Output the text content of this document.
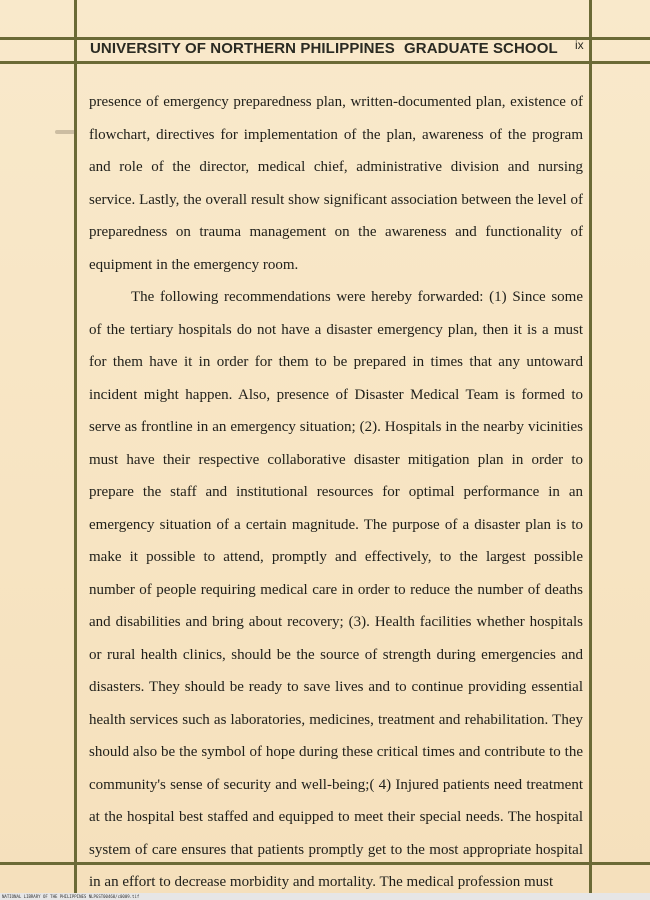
UNIVERSITY OF NORTHERN PHILIPPINES GRADUATE SCHOOL ix

presence of emergency preparedness plan, written-documented plan, existence of flowchart, directives for implementation of the plan, awareness of the program and role of the director, medical chief, administrative division and nursing service. Lastly, the overall result show significant association between the level of preparedness on trauma management on the awareness and functionality of equipment in the emergency room.

The following recommendations were hereby forwarded: (1) Since some of the tertiary hospitals do not have a disaster emergency plan, then it is a must for them have it in order for them to be prepared in times that any untoward incident might happen. Also, presence of Disaster Medical Team is formed to serve as frontline in an emergency situation; (2). Hospitals in the nearby vicinities must have their respective collaborative disaster mitigation plan in order to prepare the staff and institutional resources for optimal performance in an emergency situation of a certain magnitude. The purpose of a disaster plan is to make it possible to attend, promptly and effectively, to the largest possible number of people requiring medical care in order to reduce the number of deaths and disabilities and bring about recovery; (3). Health facilities whether hospitals or rural health clinics, should be the source of strength during emergencies and disasters. They should be ready to save lives and to continue providing essential health services such as laboratories, medicines, treatment and rehabilitation. They should also be the symbol of hope during these critical times and contribute to the community's sense of security and well-being;( 4) Injured patients need treatment at the hospital best staffed and equipped to meet their special needs. The hospital system of care ensures that patients promptly get to the most appropriate hospital in an effort to decrease morbidity and mortality. The medical profession must

NATIONAL LIBRARY OF THE PHILIPPINES NLPGST00460/c0009.tif
